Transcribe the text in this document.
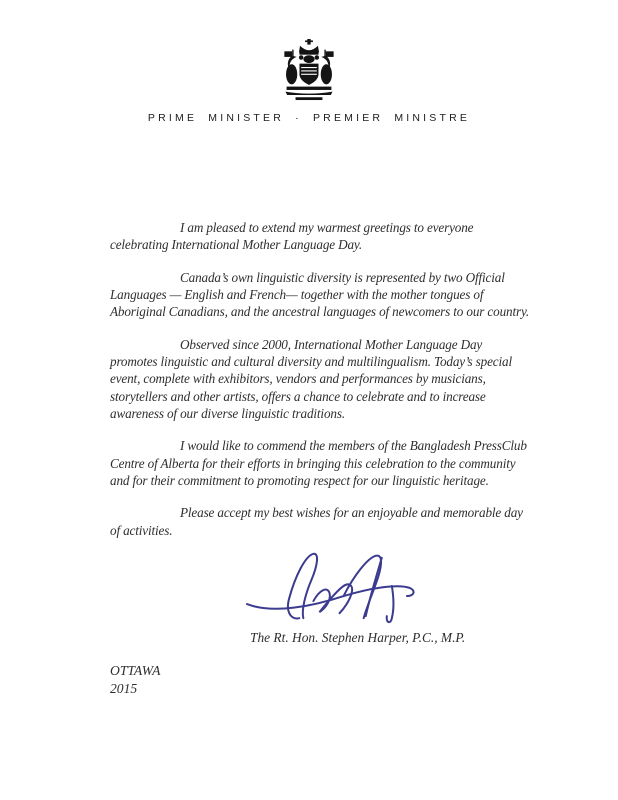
PRIME MINISTER · PREMIER MINISTRE

I am pleased to extend my warmest greetings to everyone
celebrating International Mother Language Day.

Canada’s own linguistic diversity is represented by two Official
Languages — English and French— together with the mother tongues of
Aboriginal Canadians, and the ancestral languages of newcomers to our country.

Observed since 2000, International Mother Language Day
promotes linguistic and cultural diversity and multilingualism. Today’s special
event, complete with exhibitors, vendors and performances by musicians,
storytellers and other artists, offers a chance to celebrate and to increase
awareness of our diverse linguistic traditions.

I would like to commend the members of the Bangladesh PressClub
Centre of Alberta for their efforts in bringing this celebration to the community
and for their commitment to promoting respect for our linguistic heritage.

Please accept my best wishes for an enjoyable and memorable day
of activities.

The Rt. Hon. Stephen Harper, P.C., M.P.
OTTAWA
2015
